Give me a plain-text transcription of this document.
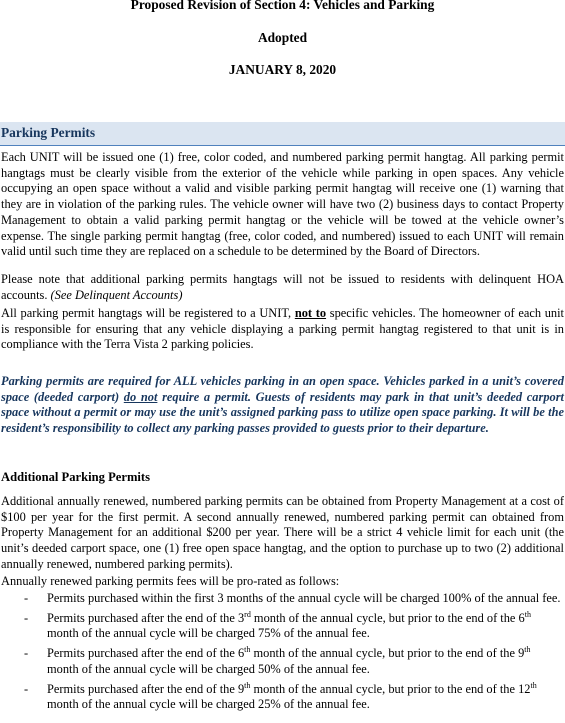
Proposed Revision of Section 4: Vehicles and Parking
Adopted
JANUARY 8, 2020
Parking Permits

Each UNIT will be issued one (1) free, color coded, and numbered parking permit hangtag. All parking permit hangtags must be clearly visible from the exterior of the vehicle while parking in open spaces. Any vehicle occupying an open space without a valid and visible parking permit hangtag will receive one (1) warning that they are in violation of the parking rules. The vehicle owner will have two (2) business days to contact Property Management to obtain a valid parking permit hangtag or the vehicle will be towed at the vehicle owner’s expense. The single parking permit hangtag (free, color coded, and numbered) issued to each UNIT will remain valid until such time they are replaced on a schedule to be determined by the Board of Directors.

Please note that additional parking permits hangtags will not be issued to residents with delinquent HOA accounts. (See Delinquent Accounts)

All parking permit hangtags will be registered to a UNIT, not to specific vehicles. The homeowner of each unit is responsible for ensuring that any vehicle displaying a parking permit hangtag registered to that unit is in compliance with the Terra Vista 2 parking policies.

Parking permits are required for ALL vehicles parking in an open space. Vehicles parked in a unit’s covered space (deeded carport) do not require a permit. Guests of residents may park in that unit’s deeded carport space without a permit or may use the unit’s assigned parking pass to utilize open space parking. It will be the resident’s responsibility to collect any parking passes provided to guests prior to their departure.

Additional Parking Permits

Additional annually renewed, numbered parking permits can be obtained from Property Management at a cost of $100 per year for the first permit. A second annually renewed, numbered parking permit can obtained from Property Management for an additional $200 per year. There will be a strict 4 vehicle limit for each unit (the unit’s deeded carport space, one (1) free open space hangtag, and the option to purchase up to two (2) additional annually renewed, numbered parking permits).

Annually renewed parking permits fees will be pro-rated as follows:

- Permits purchased within the first 3 months of the annual cycle will be charged 100% of the annual fee.
- Permits purchased after the end of the 3rd month of the annual cycle, but prior to the end of the 6th month of the annual cycle will be charged 75% of the annual fee.
- Permits purchased after the end of the 6th month of the annual cycle, but prior to the end of the 9th month of the annual cycle will be charged 50% of the annual fee.
- Permits purchased after the end of the 9th month of the annual cycle, but prior to the end of the 12th month of the annual cycle will be charged 25% of the annual fee.
